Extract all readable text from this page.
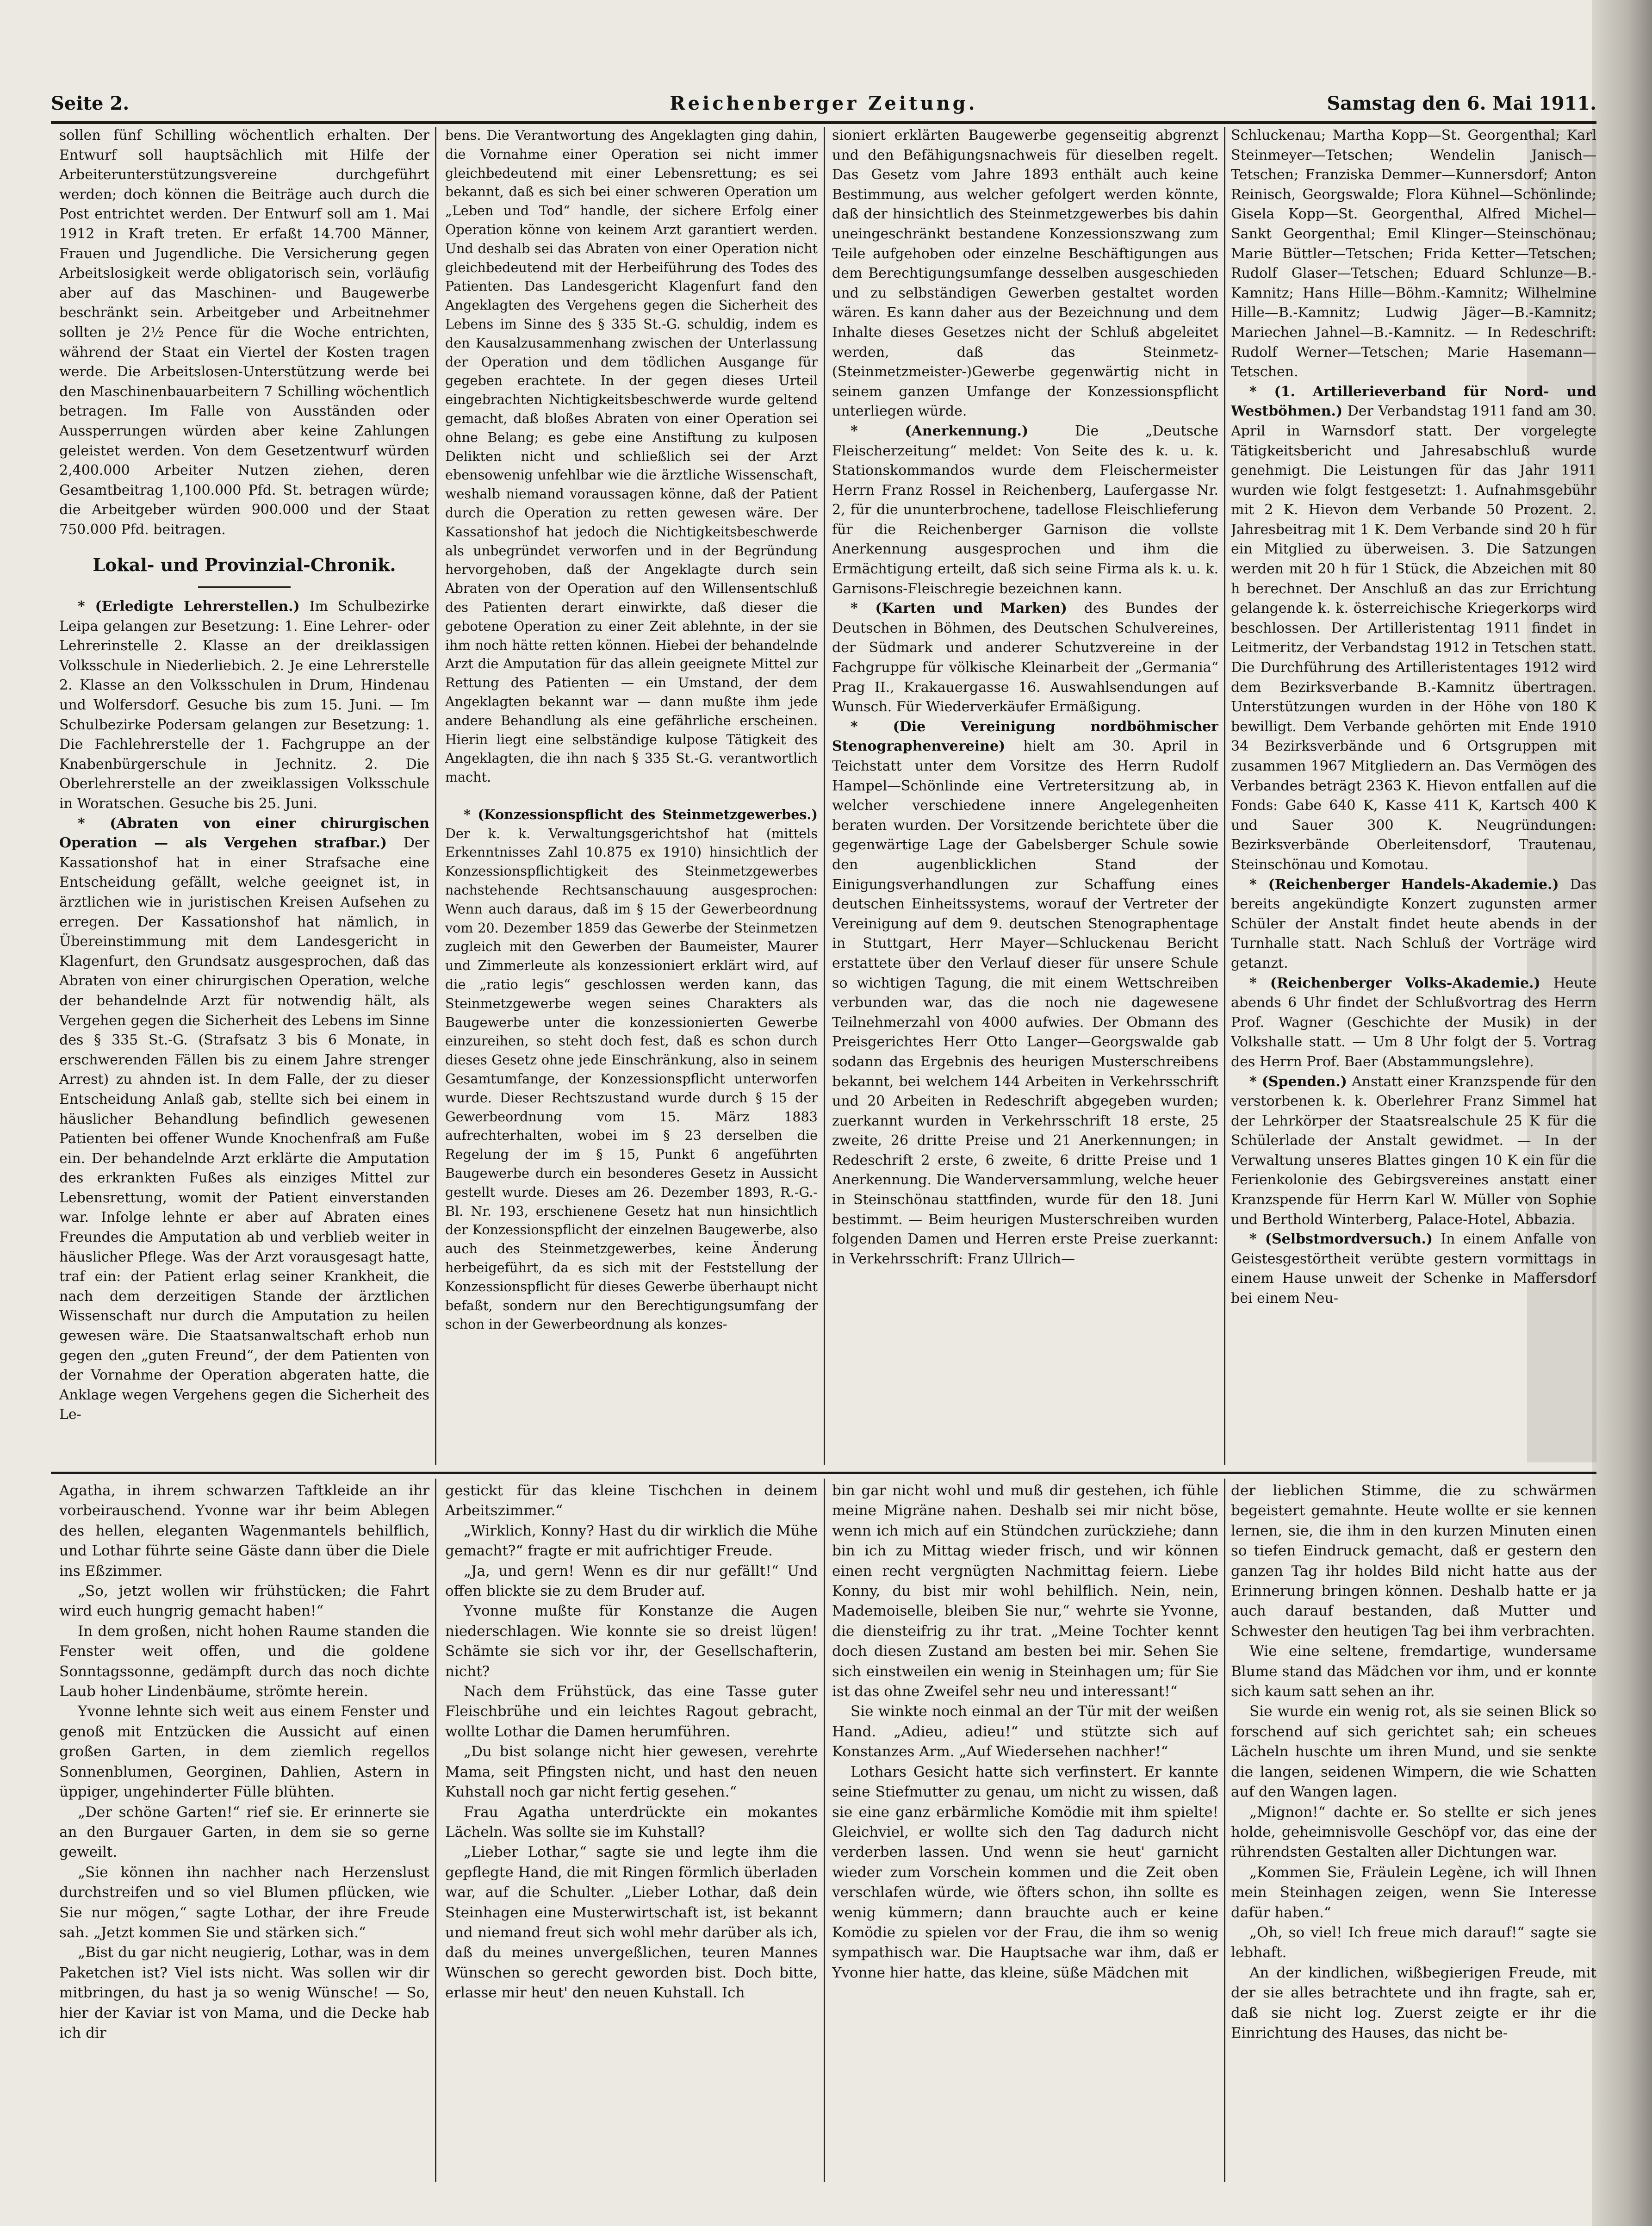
Seite 2.	Reichenberger Zeitung.	Samstag den 6. Mai 1911.

sollen fünf Schilling wöchentlich erhalten. Der Entwurf soll hauptsächlich mit Hilfe der Arbeiterunterstützungsvereine durchgeführt werden; doch können die Beiträge auch durch die Post entrichtet werden. Der Entwurf soll am 1. Mai 1912 in Kraft treten. Er erfaßt 14.700 Männer, Frauen und Jugendliche. Die Versicherung gegen Arbeitslosigkeit werde obligatorisch sein, vorläufig aber auf das Maschinen- und Baugewerbe beschränkt sein. Arbeitgeber und Arbeitnehmer sollten je 2½ Pence für die Woche entrichten, während der Staat ein Viertel der Kosten tragen werde. Die Arbeitslosen-Unterstützung werde bei den Maschinenbauarbeitern 7 Schilling wöchentlich betragen. Im Falle von Ausständen oder Aussperrungen würden aber keine Zahlungen geleistet werden. Von dem Gesetzentwurf würden 2,400.000 Arbeiter Nutzen ziehen, deren Gesamtbeitrag 1,100.000 Pfd. St. betragen würde; die Arbeitgeber würden 900.000 und der Staat 750.000 Pfd. beitragen.

Lokal- und Provinzial-Chronik.

* (Erledigte Lehrerstellen.) Im Schulbezirke Leipa gelangen zur Besetzung: 1. Eine Lehrer- oder Lehrerinstelle 2. Klasse an der dreiklassigen Volksschule in Niederliebich. 2. Je eine Lehrerstelle 2. Klasse an den Volksschulen in Drum, Hindenau und Wolfersdorf. Gesuche bis zum 15. Juni. — Im Schulbezirke Podersam gelangen zur Besetzung: 1. Die Fachlehrerstelle der 1. Fachgruppe an der Knabenbürgerschule in Jechnitz. 2. Die Oberlehrerstelle an der zweiklassigen Volksschule in Woratschen. Gesuche bis 25. Juni.

* (Abraten von einer chirurgischen Operation — als Vergehen strafbar.) Der Kassationshof hat in einer Strafsache eine Entscheidung gefällt, welche geeignet ist, in ärztlichen wie in juristischen Kreisen Aufsehen zu erregen. Der Kassationshof hat nämlich, in Übereinstimmung mit dem Landesgericht in Klagenfurt, den Grundsatz ausgesprochen, daß das Abraten von einer chirurgischen Operation, welche der behandelnde Arzt für notwendig hält, als Vergehen gegen die Sicherheit des Lebens im Sinne des § 335 St.-G. (Strafsatz 3 bis 6 Monate, in erschwerenden Fällen bis zu einem Jahre strenger Arrest) zu ahnden ist. In dem Falle, der zu dieser Entscheidung Anlaß gab, stellte sich bei einem in häuslicher Behandlung befindlich gewesenen Patienten bei offener Wunde Knochenfraß am Fuße ein. Der behandelnde Arzt erklärte die Amputation des erkrankten Fußes als einziges Mittel zur Lebensrettung, womit der Patient einverstanden war. Infolge lehnte er aber auf Abraten eines Freundes die Amputation ab und verblieb weiter in häuslicher Pflege. Was der Arzt vorausgesagt hatte, traf ein: der Patient erlag seiner Krankheit, die nach dem derzeitigen Stande der ärztlichen Wissenschaft nur durch die Amputation zu heilen gewesen wäre. Die Staatsanwaltschaft erhob nun gegen den „guten Freund“, der dem Patienten von der Vornahme der Operation abgeraten hatte, die Anklage wegen Vergehens gegen die Sicherheit des Le-

bens. Die Verantwortung des Angeklagten ging dahin, die Vornahme einer Operation sei nicht immer gleichbedeutend mit einer Lebensrettung; es sei bekannt, daß es sich bei einer schweren Operation um „Leben und Tod“ handle, der sichere Erfolg einer Operation könne von keinem Arzt garantiert werden. Und deshalb sei das Abraten von einer Operation nicht gleichbedeutend mit der Herbeiführung des Todes des Patienten. Das Landesgericht Klagenfurt fand den Angeklagten des Vergehens gegen die Sicherheit des Lebens im Sinne des § 335 St.-G. schuldig, indem es den Kausalzusammenhang zwischen der Unterlassung der Operation und dem tödlichen Ausgange für gegeben erachtete. In der gegen dieses Urteil eingebrachten Nichtigkeitsbeschwerde wurde geltend gemacht, daß bloßes Abraten von einer Operation sei ohne Belang; es gebe eine Anstiftung zu kulposen Delikten nicht und schließlich sei der Arzt ebensowenig unfehlbar wie die ärztliche Wissenschaft, weshalb niemand voraussagen könne, daß der Patient durch die Operation zu retten gewesen wäre. Der Kassationshof hat jedoch die Nichtigkeitsbeschwerde als unbegründet verworfen und in der Begründung hervorgehoben, daß der Angeklagte durch sein Abraten von der Operation auf den Willensentschluß des Patienten derart einwirkte, daß dieser die gebotene Operation zu einer Zeit ablehnte, in der sie ihm noch hätte retten können. Hiebei der behandelnde Arzt die Amputation für das allein geeignete Mittel zur Rettung des Patienten — ein Umstand, der dem Angeklagten bekannt war — dann mußte ihm jede andere Behandlung als eine gefährliche erscheinen. Hierin liegt eine selbständige kulpose Tätigkeit des Angeklagten, die ihn nach § 335 St.-G. verantwortlich macht.

* (Konzessionspflicht des Steinmetzgewerbes.) Der k. k. Verwaltungsgerichtshof hat (mittels Erkenntnisses Zahl 10.875 ex 1910) hinsichtlich der Konzessionspflichtigkeit des Steinmetzgewerbes nachstehende Rechtsanschauung ausgesprochen: Wenn auch daraus, daß im § 15 der Gewerbeordnung vom 20. Dezember 1859 das Gewerbe der Steinmetzen zugleich mit den Gewerben der Baumeister, Maurer und Zimmerleute als konzessioniert erklärt wird, auf die „ratio legis“ geschlossen werden kann, das Steinmetzgewerbe wegen seines Charakters als Baugewerbe unter die konzessionierten Gewerbe einzureihen, so steht doch fest, daß es schon durch dieses Gesetz ohne jede Einschränkung, also in seinem Gesamtumfange, der Konzessionspflicht unterworfen wurde. Dieser Rechtszustand wurde durch § 15 der Gewerbeordnung vom 15. März 1883 aufrechterhalten, wobei im § 23 derselben die Regelung der im § 15, Punkt 6 angeführten Baugewerbe durch ein besonderes Gesetz in Aussicht gestellt wurde. Dieses am 26. Dezember 1893, R.-G.-Bl. Nr. 193, erschienene Gesetz hat nun hinsichtlich der Konzessionspflicht der einzelnen Baugewerbe, also auch des Steinmetzgewerbes, keine Änderung herbeigeführt, da es sich mit der Feststellung der Konzessionspflicht für dieses Gewerbe überhaupt nicht befaßt, sondern nur den Berechtigungsumfang der schon in der Gewerbeordnung als konzes-

sioniert erklärten Baugewerbe gegenseitig abgrenzt und den Befähigungsnachweis für dieselben regelt. Das Gesetz vom Jahre 1893 enthält auch keine Bestimmung, aus welcher gefolgert werden könnte, daß der hinsichtlich des Steinmetzgewerbes bis dahin uneingeschränkt bestandene Konzessionszwang zum Teile aufgehoben oder einzelne Beschäftigungen aus dem Berechtigungsumfange desselben ausgeschieden und zu selbständigen Gewerben gestaltet worden wären. Es kann daher aus der Bezeichnung und dem Inhalte dieses Gesetzes nicht der Schluß abgeleitet werden, daß das Steinmetz-(Steinmetzmeister-)Gewerbe gegenwärtig nicht in seinem ganzen Umfange der Konzessionspflicht unterliegen würde.

* (Anerkennung.) Die „Deutsche Fleischerzeitung“ meldet: Von Seite des k. u. k. Stationskommandos wurde dem Fleischermeister Herrn Franz Rossel in Reichenberg, Laufergasse Nr. 2, für die ununterbrochene, tadellose Fleischlieferung für die Reichenberger Garnison die vollste Anerkennung ausgesprochen und ihm die Ermächtigung erteilt, daß sich seine Firma als k. u. k. Garnisons-Fleischregie bezeichnen kann.

* (Karten und Marken) des Bundes der Deutschen in Böhmen, des Deutschen Schulvereines, der Südmark und anderer Schutzvereine in der Fachgruppe für völkische Kleinarbeit der „Germania“ Prag II., Krakauergasse 16. Auswahlsendungen auf Wunsch. Für Wiederverkäufer Ermäßigung.

* (Die Vereinigung nordböhmischer Stenographenvereine) hielt am 30. April in Teichstatt unter dem Vorsitze des Herrn Rudolf Hampel—Schönlinde eine Vertretersitzung ab, in welcher verschiedene innere Angelegenheiten beraten wurden. Der Vorsitzende berichtete über die gegenwärtige Lage der Gabelsberger Schule sowie den augenblicklichen Stand der Einigungsverhandlungen zur Schaffung eines deutschen Einheitssystems, worauf der Vertreter der Vereinigung auf dem 9. deutschen Stenographentage in Stuttgart, Herr Mayer—Schluckenau Bericht erstattete über den Verlauf dieser für unsere Schule so wichtigen Tagung, die mit einem Wettschreiben verbunden war, das die noch nie dagewesene Teilnehmerzahl von 4000 aufwies. Der Obmann des Preisgerichtes Herr Otto Langer—Georgswalde gab sodann das Ergebnis des heurigen Musterschreibens bekannt, bei welchem 144 Arbeiten in Verkehrsschrift und 20 Arbeiten in Redeschrift abgegeben wurden; zuerkannt wurden in Verkehrsschrift 18 erste, 25 zweite, 26 dritte Preise und 21 Anerkennungen; in Redeschrift 2 erste, 6 zweite, 6 dritte Preise und 1 Anerkennung. Die Wanderversammlung, welche heuer in Steinschönau stattfinden, wurde für den 18. Juni bestimmt. — Beim heurigen Musterschreiben wurden folgenden Damen und Herren erste Preise zuerkannt: in Verkehrsschrift: Franz Ullrich—

Schluckenau; Martha Kopp—St. Georgenthal; Karl Steinmeyer—Tetschen; Wendelin Janisch—Tetschen; Franziska Demmer—Kunnersdorf; Anton Reinisch, Georgswalde; Flora Kühnel—Schönlinde; Gisela Kopp—St. Georgenthal, Alfred Michel—Sankt Georgenthal; Emil Klinger—Steinschönau; Marie Büttler—Tetschen; Frida Ketter—Tetschen; Rudolf Glaser—Tetschen; Eduard Schlunze—B.-Kamnitz; Hans Hille—Böhm.-Kamnitz; Wilhelmine Hille—B.-Kamnitz; Ludwig Jäger—B.-Kamnitz; Mariechen Jahnel—B.-Kamnitz. — In Redeschrift: Rudolf Werner—Tetschen; Marie Hasemann—Tetschen.

* (1. Artillerieverband für Nord- und Westböhmen.) Der Verbandstag 1911 fand am 30. April in Warnsdorf statt. Der vorgelegte Tätigkeitsbericht und Jahresabschluß wurde genehmigt. Die Leistungen für das Jahr 1911 wurden wie folgt festgesetzt: 1. Aufnahmsgebühr mit 2 K. Hievon dem Verbande 50 Prozent. 2. Jahresbeitrag mit 1 K. Dem Verbande sind 20 h für ein Mitglied zu überweisen. 3. Die Satzungen werden mit 20 h für 1 Stück, die Abzeichen mit 80 h berechnet. Der Anschluß an das zur Errichtung gelangende k. k. österreichische Kriegerkorps wird beschlossen. Der Artilleristentag 1911 findet in Leitmeritz, der Verbandstag 1912 in Tetschen statt. Die Durchführung des Artilleristentages 1912 wird dem Bezirksverbande B.-Kamnitz übertragen. Unterstützungen wurden in der Höhe von 180 K bewilligt. Dem Verbande gehörten mit Ende 1910 34 Bezirksverbände und 6 Ortsgruppen mit zusammen 1967 Mitgliedern an. Das Vermögen des Verbandes beträgt 2363 K. Hievon entfallen auf die Fonds: Gabe 640 K, Kasse 411 K, Kartsch 400 K und Sauer 300 K. Neugründungen: Bezirksverbände Oberleitensdorf, Trautenau, Steinschönau und Komotau.

* (Reichenberger Handels-Akademie.) Das bereits angekündigte Konzert zugunsten armer Schüler der Anstalt findet heute abends in der Turnhalle statt. Nach Schluß der Vorträge wird getanzt.

* (Reichenberger Volks-Akademie.) Heute abends 6 Uhr findet der Schlußvortrag des Herrn Prof. Wagner (Geschichte der Musik) in der Volkshalle statt. — Um 8 Uhr folgt der 5. Vortrag des Herrn Prof. Baer (Abstammungslehre).

* (Spenden.) Anstatt einer Kranzspende für den verstorbenen k. k. Oberlehrer Franz Simmel hat der Lehrkörper der Staatsrealschule 25 K für die Schülerlade der Anstalt gewidmet. — In der Verwaltung unseres Blattes gingen 10 K ein für die Ferienkolonie des Gebirgsvereines anstatt einer Kranzspende für Herrn Karl W. Müller von Sophie und Berthold Winterberg, Palace-Hotel, Abbazia.

* (Selbstmordversuch.) In einem Anfalle von Geistesgestörtheit verübte gestern vormittags in einem Hause unweit der Schenke in Maffersdorf bei einem Neu-

Agatha, in ihrem schwarzen Taftkleide an ihr vorbeirauschend. Yvonne war ihr beim Ablegen des hellen, eleganten Wagenmantels behilflich, und Lothar führte seine Gäste dann über die Diele ins Eßzimmer.

„So, jetzt wollen wir frühstücken; die Fahrt wird euch hungrig gemacht haben!“

In dem großen, nicht hohen Raume standen die Fenster weit offen, und die goldene Sonntagssonne, gedämpft durch das noch dichte Laub hoher Lindenbäume, strömte herein.

Yvonne lehnte sich weit aus einem Fenster und genoß mit Entzücken die Aussicht auf einen großen Garten, in dem ziemlich regellos Sonnenblumen, Georginen, Dahlien, Astern in üppiger, ungehinderter Fülle blühten.

„Der schöne Garten!“ rief sie. Er erinnerte sie an den Burgauer Garten, in dem sie so gerne geweilt.

„Sie können ihn nachher nach Herzenslust durchstreifen und so viel Blumen pflücken, wie Sie nur mögen,“ sagte Lothar, der ihre Freude sah. „Jetzt kommen Sie und stärken sich.“

„Bist du gar nicht neugierig, Lothar, was in dem Paketchen ist? Viel ists nicht. Was sollen wir dir mitbringen, du hast ja so wenig Wünsche! — So, hier der Kaviar ist von Mama, und die Decke hab ich dir

gestickt für das kleine Tischchen in deinem Arbeitszimmer.“

„Wirklich, Konny? Hast du dir wirklich die Mühe gemacht?“ fragte er mit aufrichtiger Freude.

„Ja, und gern! Wenn es dir nur gefällt!“ Und offen blickte sie zu dem Bruder auf.

Yvonne mußte für Konstanze die Augen niederschlagen. Wie konnte sie so dreist lügen! Schämte sie sich vor ihr, der Gesellschafterin, nicht?

Nach dem Frühstück, das eine Tasse guter Fleischbrühe und ein leichtes Ragout gebracht, wollte Lothar die Damen herumführen.

„Du bist solange nicht hier gewesen, verehrte Mama, seit Pfingsten nicht, und hast den neuen Kuhstall noch gar nicht fertig gesehen.“

Frau Agatha unterdrückte ein mokantes Lächeln. Was sollte sie im Kuhstall?

„Lieber Lothar,“ sagte sie und legte ihm die gepflegte Hand, die mit Ringen förmlich überladen war, auf die Schulter. „Lieber Lothar, daß dein Steinhagen eine Musterwirtschaft ist, ist bekannt und niemand freut sich wohl mehr darüber als ich, daß du meines unvergeßlichen, teuren Mannes Wünschen so gerecht geworden bist. Doch bitte, erlasse mir heut' den neuen Kuhstall. Ich

bin gar nicht wohl und muß dir gestehen, ich fühle meine Migräne nahen. Deshalb sei mir nicht böse, wenn ich mich auf ein Stündchen zurückziehe; dann bin ich zu Mittag wieder frisch, und wir können einen recht vergnügten Nachmittag feiern. Liebe Konny, du bist mir wohl behilflich. Nein, nein, Mademoiselle, bleiben Sie nur,“ wehrte sie Yvonne, die diensteifrig zu ihr trat. „Meine Tochter kennt doch diesen Zustand am besten bei mir. Sehen Sie sich einstweilen ein wenig in Steinhagen um; für Sie ist das ohne Zweifel sehr neu und interessant!“

Sie winkte noch einmal an der Tür mit der weißen Hand. „Adieu, adieu!“ und stützte sich auf Konstanzes Arm. „Auf Wiedersehen nachher!“

Lothars Gesicht hatte sich verfinstert. Er kannte seine Stiefmutter zu genau, um nicht zu wissen, daß sie eine ganz erbärmliche Komödie mit ihm spielte! Gleichviel, er wollte sich den Tag dadurch nicht verderben lassen. Und wenn sie heut' garnicht wieder zum Vorschein kommen und die Zeit oben verschlafen würde, wie öfters schon, ihn sollte es wenig kümmern; dann brauchte auch er keine Komödie zu spielen vor der Frau, die ihm so wenig sympathisch war. Die Hauptsache war ihm, daß er Yvonne hier hatte, das kleine, süße Mädchen mit

der lieblichen Stimme, die zu schwärmen begeistert gemahnte. Heute wollte er sie kennen lernen, sie, die ihm in den kurzen Minuten einen so tiefen Eindruck gemacht, daß er gestern den ganzen Tag ihr holdes Bild nicht hatte aus der Erinnerung bringen können. Deshalb hatte er ja auch darauf bestanden, daß Mutter und Schwester den heutigen Tag bei ihm verbrachten.

Wie eine seltene, fremdartige, wundersame Blume stand das Mädchen vor ihm, und er konnte sich kaum satt sehen an ihr.

Sie wurde ein wenig rot, als sie seinen Blick so forschend auf sich gerichtet sah; ein scheues Lächeln huschte um ihren Mund, und sie senkte die langen, seidenen Wimpern, die wie Schatten auf den Wangen lagen.

„Mignon!“ dachte er. So stellte er sich jenes holde, geheimnisvolle Geschöpf vor, das eine der rührendsten Gestalten aller Dichtungen war.

„Kommen Sie, Fräulein Legène, ich will Ihnen mein Steinhagen zeigen, wenn Sie Interesse dafür haben.“

„Oh, so viel! Ich freue mich darauf!“ sagte sie lebhaft.

An der kindlichen, wißbegierigen Freude, mit der sie alles betrachtete und ihn fragte, sah er, daß sie nicht log. Zuerst zeigte er ihr die Einrichtung des Hauses, das nicht be-
